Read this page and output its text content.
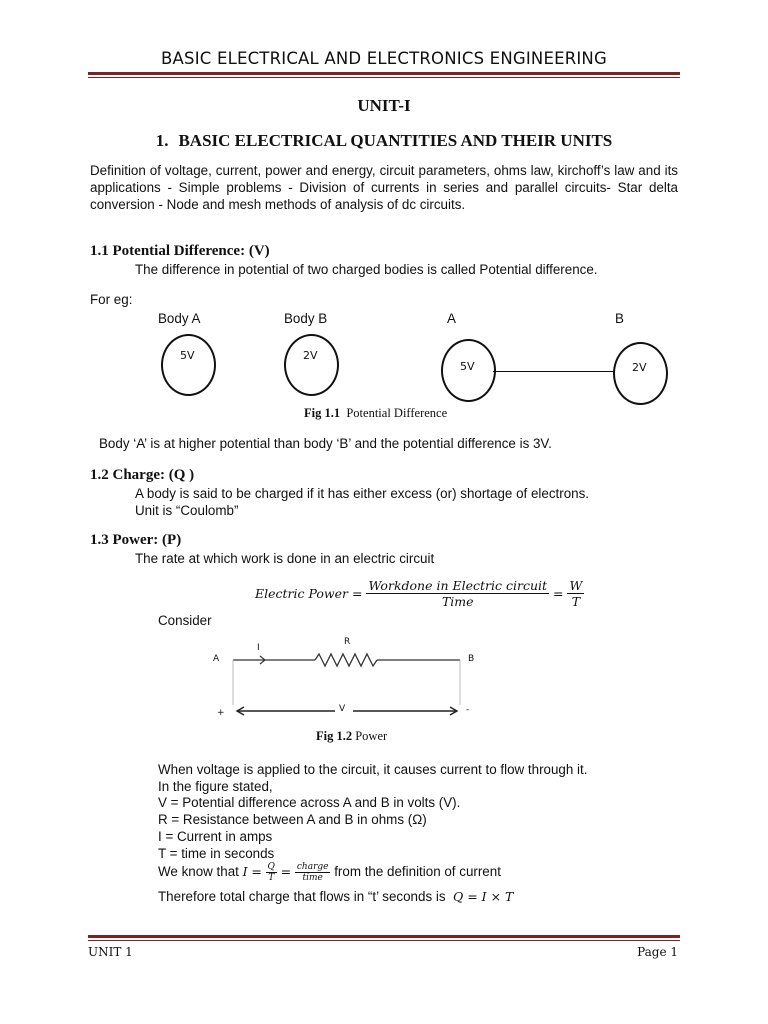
BASIC ELECTRICAL AND ELECTRONICS ENGINEERING
UNIT-I
1. BASIC ELECTRICAL QUANTITIES AND THEIR UNITS
Definition of voltage, current, power and energy, circuit parameters, ohms law, kirchoff’s law and its applications - Simple problems - Division of currents in series and parallel circuits- Star delta conversion - Node and mesh methods of analysis of dc circuits.
1.1 Potential Difference: (V)
The difference in potential of two charged bodies is called Potential difference.
For eg:
Body A	Body B	A	B
5V	2V
5V	2V
Fig 1.1 Potential Difference
Body ‘A’ is at higher potential than body ‘B’ and the potential difference is 3V.
1.2 Charge: (Q )
A body is said to be charged if it has either excess (or) shortage of electrons.
Unit is “Coulomb”
1.3 Power: (P)
The rate at which work is done in an electric circuit
Electric Power = $\frac{\text{Workdone in Electric circuit}}{\text{Time}} = \frac{W}{T}$
Consider
A	B
I
R
V
+	-
Fig 1.2 Power
When voltage is applied to the circuit, it causes current to flow through it.
In the figure stated,
V = Potential difference across A and B in volts (V).
R = Resistance between A and B in ohms (Ω)
I = Current in amps
T = time in seconds
We know that $I = \frac{Q}{T} = \frac{\text{charge}}{\text{time}}$ from the definition of current
Therefore total charge that flows in “t’ seconds is Q = I × T
UNIT 1	Page 1
